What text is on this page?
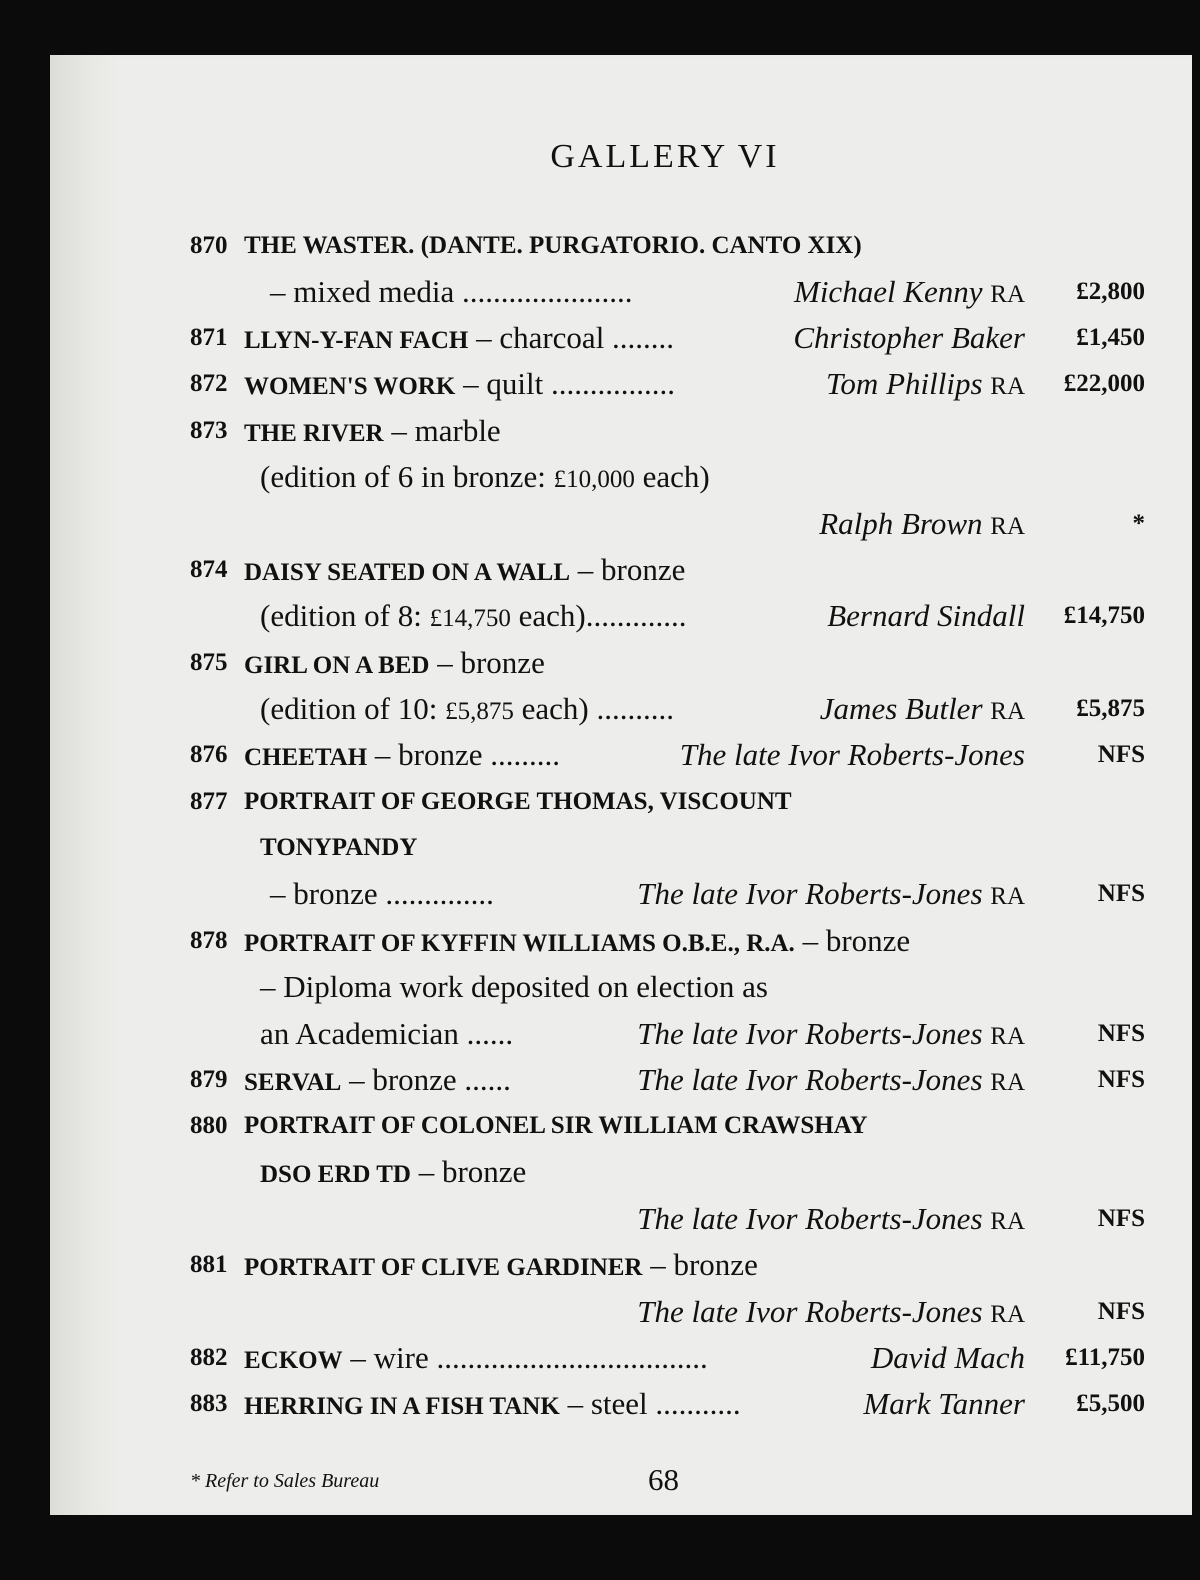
GALLERY VI
870 THE WASTER. (DANTE. PURGATORIO. CANTO XIX)
– mixed media ......................	Michael Kenny RA £2,800
871 LLYN-Y-FAN FACH – charcoal ........	Christopher Baker £1,450
872 WOMEN'S WORK – quilt ................	Tom Phillips RA £22,000
873 THE RIVER – marble
(edition of 6 in bronze: £10,000 each)
Ralph Brown RA	*
874 DAISY SEATED ON A WALL – bronze
(edition of 8: £14,750 each).............	Bernard Sindall £14,750
875 GIRL ON A BED – bronze
(edition of 10: £5,875 each) ..........	James Butler RA £5,875
876 CHEETAH – bronze .........	The late Ivor Roberts-Jones	NFS
877 PORTRAIT OF GEORGE THOMAS, VISCOUNT
TONYPANDY
– bronze ..............	The late Ivor Roberts-Jones RA	NFS
878 PORTRAIT OF KYFFIN WILLIAMS O.B.E., R.A. – bronze
– Diploma work deposited on election as
an Academician ......	The late Ivor Roberts-Jones RA	NFS
879 SERVAL – bronze ......	The late Ivor Roberts-Jones RA	NFS
880 PORTRAIT OF COLONEL SIR WILLIAM CRAWSHAY
DSO ERD TD – bronze
The late Ivor Roberts-Jones RA	NFS
881 PORTRAIT OF CLIVE GARDINER – bronze
The late Ivor Roberts-Jones RA	NFS
882 ECKOW – wire ...................................	David Mach £11,750
883 HERRING IN A FISH TANK – steel ...........	Mark Tanner £5,500
* Refer to Sales Bureau	68
